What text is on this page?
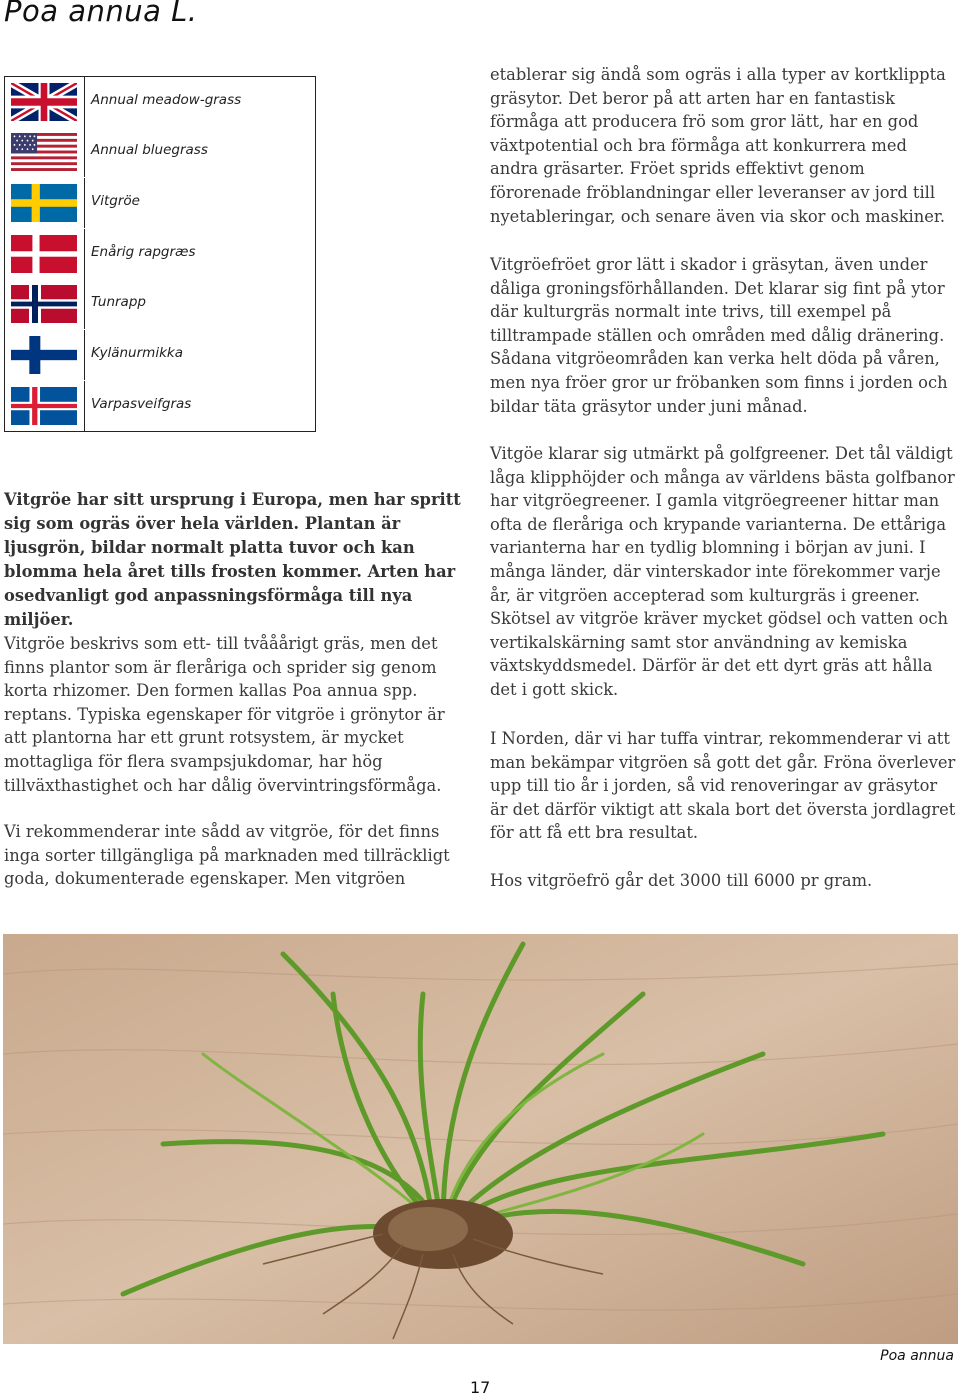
Poa annua L.
Annual meadow-grass
Annual bluegrass
Vitgröe
Enårig rapgræs
Tunrapp
Kylänurmikka
Varpasveifgras

Vitgröe har sitt ursprung i Europa, men har spritt sig som ogräs över hela världen. Plantan är ljusgrön, bildar normalt platta tuvor och kan blomma hela året tills frosten kommer. Arten har osedvanligt god anpassningsförmåga till nya miljöer.

Vitgröe beskrivs som ett- till tvååårigt gräs, men det finns plantor som är fleråriga och sprider sig genom korta rhizomer. Den formen kallas Poa annua spp. reptans. Typiska egenskaper för vitgröe i grönytor är att plantorna har ett grunt rotsystem, är mycket mottagliga för flera svampsjukdomar, har hög tillväxthastighet och har dålig övervintringsförmåga.

Vi rekommenderar inte sådd av vitgröe, för det finns inga sorter tillgängliga på marknaden med tillräckligt goda, dokumenterade egenskaper. Men vitgröen

etablerar sig ändå som ogräs i alla typer av kortklippta gräsytor. Det beror på att arten har en fantastisk förmåga att producera frö som gror lätt, har en god växtpotential och bra förmåga att konkurrera med andra gräsarter. Fröet sprids effektivt genom förorenade fröblandningar eller leveranser av jord till nyetableringar, och senare även via skor och maskiner.

Vitgröefröet gror lätt i skador i gräsytan, även under dåliga groningsförhållanden. Det klarar sig fint på ytor där kulturgräs normalt inte trivs, till exempel på tilltrampade ställen och områden med dålig dränering. Sådana vitgröeområden kan verka helt döda på våren, men nya fröer gror ur fröbanken som finns i jorden och bildar täta gräsytor under juni månad.

Vitgöe klarar sig utmärkt på golfgreener. Det tål väldigt låga klipphöjder och många av världens bästa golfbanor har vitgröegreener. I gamla vitgröegreener hittar man ofta de fleråriga och krypande varianterna. De ettåriga varianterna har en tydlig blomning i början av juni. I många länder, där vinterskador inte förekommer varje år, är vitgröen accepterad som kulturgräs i greener. Skötsel av vitgröe kräver mycket gödsel och vatten och vertikalskärning samt stor användning av kemiska växtskyddsmedel. Därför är det ett dyrt gräs att hålla det i gott skick.

I Norden, där vi har tuffa vintrar, rekommenderar vi att man bekämpar vitgröen så gott det går. Fröna överlever upp till tio år i jorden, så vid renoveringar av gräsytor är det därför viktigt att skala bort det översta jordlagret för att få ett bra resultat.

Hos vitgröefrö går det 3000 till 6000 pr gram.

Poa annua
17
